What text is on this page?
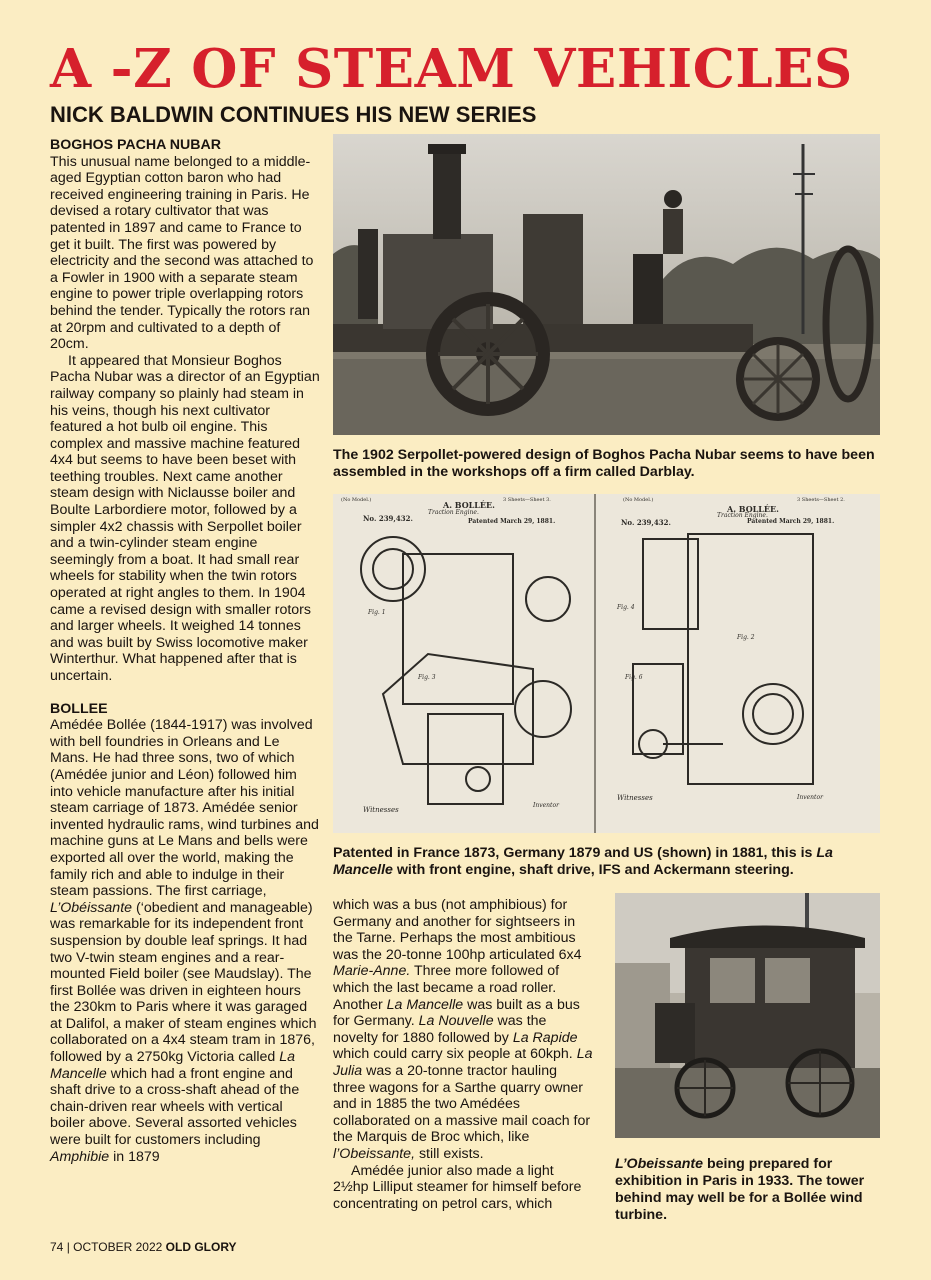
A -Z OF STEAM VEHICLES
NICK BALDWIN CONTINUES HIS NEW SERIES

BOGHOS PACHA NUBAR

This unusual name belonged to a middle-aged Egyptian cotton baron who had received engineering training in Paris. He devised a rotary cultivator that was patented in 1897 and came to France to get it built. The first was powered by electricity and the second was attached to a Fowler in 1900 with a separate steam engine to power triple overlapping rotors behind the tender. Typically the rotors ran at 20rpm and cultivated to a depth of 20cm.

It appeared that Monsieur Boghos Pacha Nubar was a director of an Egyptian railway company so plainly had steam in his veins, though his next cultivator featured a hot bulb oil engine. This complex and massive machine featured 4x4 but seems to have been beset with teething troubles. Next came another steam design with Niclausse boiler and Boulte Larbordiere motor, followed by a simpler 4x2 chassis with Serpollet boiler and a twin-cylinder steam engine seemingly from a boat. It had small rear wheels for stability when the twin rotors operated at right angles to them. In 1904 came a revised design with smaller rotors and larger wheels. It weighed 14 tonnes and was built by Swiss locomotive maker Winterthur. What happened after that is uncertain.

BOLLEE

Amédée Bollée (1844-1917) was involved with bell foundries in Orleans and Le Mans. He had three sons, two of which (Amédée junior and Léon) followed him into vehicle manufacture after his initial steam carriage of 1873. Amédée senior invented hydraulic rams, wind turbines and machine guns at Le Mans and bells were exported all over the world, making the family rich and able to indulge in their steam passions. The first carriage, L’Obéissante (‘obedient and manageable) was remarkable for its independent front suspension by double leaf springs. It had two V-twin steam engines and a rear-mounted Field boiler (see Maudslay). The first Bollée was driven in eighteen hours the 230km to Paris where it was garaged at Dalifol, a maker of steam engines which collaborated on a 4x4 steam tram in 1876, followed by a 2750kg Victoria called La Mancelle which had a front engine and shaft drive to a cross-shaft ahead of the chain-driven rear wheels with vertical boiler above. Several assorted vehicles were built for customers including Amphibie in 1879

The 1902 Serpollet-powered design of Boghos Pacha Nubar seems to have been assembled in the workshops off a firm called Darblay.
(No Model.)	3 Sheets—Sheet 3.
A. BOLLÉE.
Traction Engine.
No. 239,432.	Patented March 29, 1881.
Fig. 1
Fig. 3
Witnesses
Inventor
(No Model.)	3 Sheets—Sheet 2.
A. BOLLÉE.
Traction Engine.
No. 239,432.	Patented March 29, 1881.
Fig. 4
Fig. 2
Fig. 6
Witnesses	Inventor
Patented in France 1873, Germany 1879 and US (shown) in 1881, this is La Mancelle with front engine, shaft drive, IFS and Ackermann steering.

which was a bus (not amphibious) for Germany and another for sightseers in the Tarne. Perhaps the most ambitious was the 20-tonne 100hp articulated 6x4 Marie-Anne. Three more followed of which the last became a road roller. Another La Mancelle was built as a bus for Germany. La Nouvelle was the novelty for 1880 followed by La Rapide which could carry six people at 60kph. La Julia was a 20-tonne tractor hauling three wagons for a Sarthe quarry owner and in 1885 the two Amédées collaborated on a massive mail coach for the Marquis de Broc which, like l’Obeissante, still exists.

Amédée junior also made a light 2½hp Lilliput steamer for himself before concentrating on petrol cars, which

L’Obeissante being prepared for exhibition in Paris in 1933. The tower behind may well be for a Bollée wind turbine.
74 | OCTOBER 2022 OLD GLORY
